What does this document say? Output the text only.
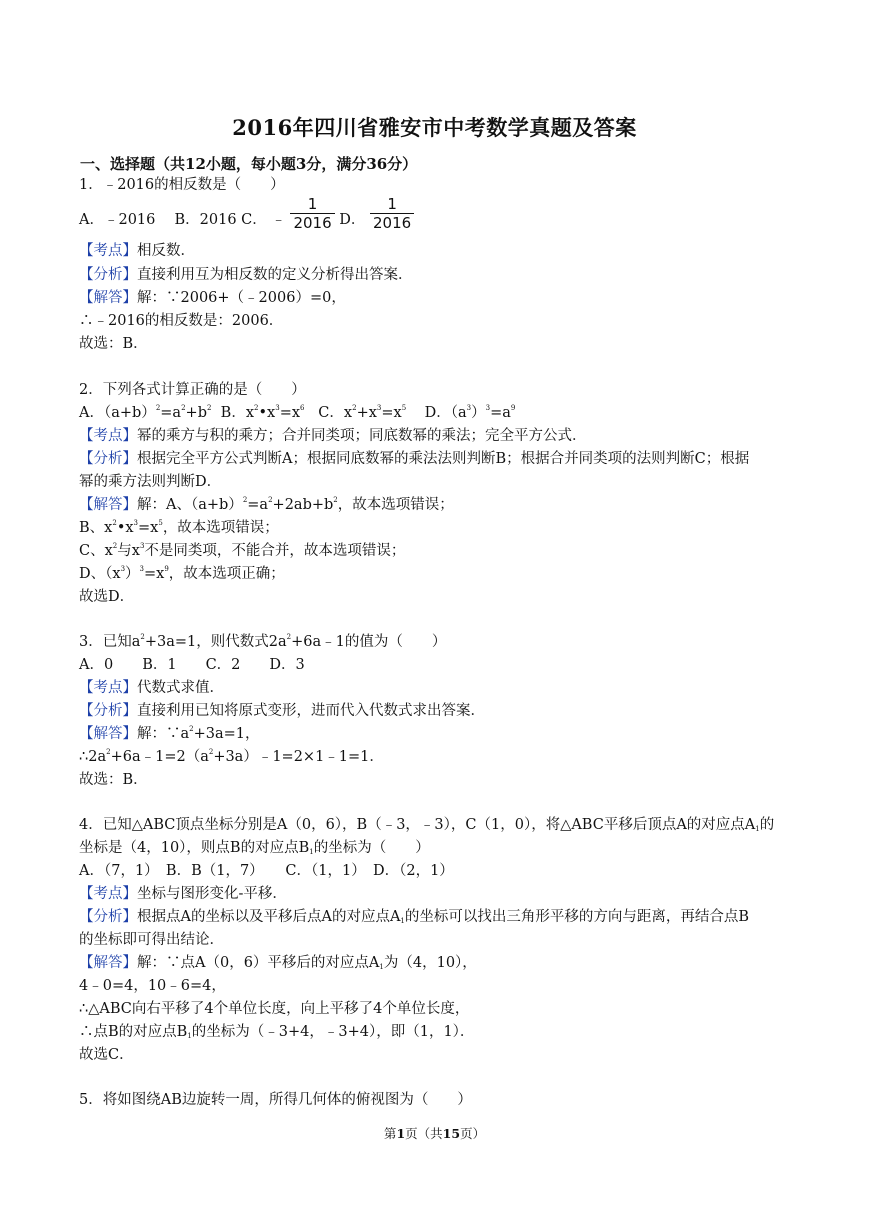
2016年四川省雅安市中考数学真题及答案
一、选择题（共12小题，每小题3分，满分36分）
1．﹣2016的相反数是（　　）
A．﹣2016　 B．2016 C． ﹣ $\frac{1}{2016}$ D． $\frac{1}{2016}$
【考点】相反数．
【分析】直接利用互为相反数的定义分析得出答案．
【解答】解：∵2006+（﹣2006）=0，
∴﹣2016的相反数是：2006．
故选：B．
2．下列各式计算正确的是（　　）
A．$(a+b)^2=a^2+b^2$  B．$x^2•x^3=x^6$   C．$x^2+x^3=x^5$    D．$(a^3)^3=a^9$
【考点】幂的乘方与积的乘方；合并同类项；同底数幂的乘法；完全平方公式．
【分析】根据完全平方公式判断A；根据同底数幂的乘法法则判断B；根据合并同类项的法则判断C；根据
幂的乘方法则判断D．
【解答】解：A、$(a+b)^2=a^2+2ab+b^2$，故本选项错误；
B、$x^2•x^3=x^5$，故本选项错误；
C、$x^2$与$x^3$不是同类项，不能合并，故本选项错误；
D、$(x^3)^3=x^9$，故本选项正确；
故选D．
3．已知$a^2+3a=1$，则代数式$2a^2+6a﹣1$的值为（　　）
A．0　　B．1　　C．2　　D．3
【考点】代数式求值．
【分析】直接利用已知将原式变形，进而代入代数式求出答案．
【解答】解：$\because a^2+3a=1$，
$\therefore 2a^2+6a﹣1=2(a^2+3a)﹣1=2\times 1﹣1=1$．
故选：B．
4．已知△ABC顶点坐标分别是A（0，6），B（﹣3，﹣3），C（1，0），将△ABC平移后顶点A的对应点$A_1$的
坐标是（4，10），则点B的对应点$B_1$的坐标为（　　）
A．（7，1）　B．B（1，7）　　C．（1，1）　D．（2，1）
【考点】坐标与图形变化-平移．
【分析】根据点A的坐标以及平移后点A的对应点$A_1$的坐标可以找出三角形平移的方向与距离，再结合点B
的坐标即可得出结论．
【解答】解：∵点A（0，6）平移后的对应点$A_1$为（4，10），
4﹣0=4，10﹣6=4，
∴△ABC向右平移了4个单位长度，向上平移了4个单位长度，
∴点B的对应点$B_1$的坐标为（﹣3+4，﹣3+4），即（1，1）．
故选C．
5．将如图绕AB边旋转一周，所得几何体的俯视图为（　　）
第1页（共15页）
